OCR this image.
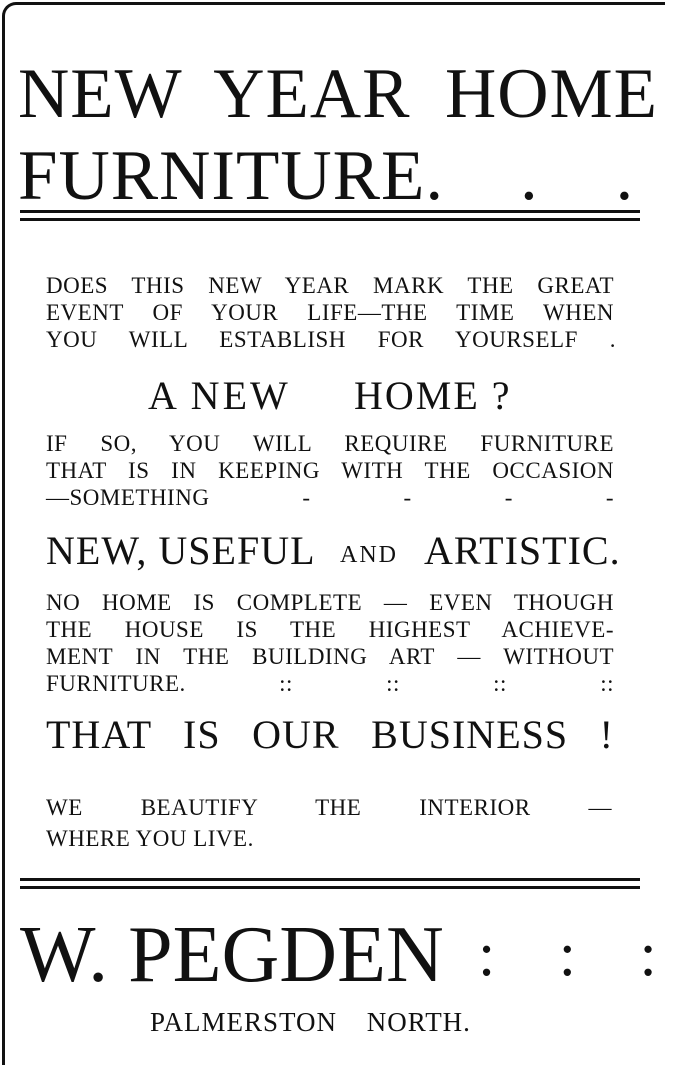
NEW YEAR HOME
FURNITURE. . .
DOES THIS NEW YEAR MARK THE GREAT
EVENT OF YOUR LIFE—THE TIME WHEN
YOU WILL ESTABLISH FOR YOURSELF .
A NEW HOME ?
IF SO, YOU WILL REQUIRE FURNITURE
THAT IS IN KEEPING WITH THE OCCASION
—SOMETHING - - - -
NEW, USEFUL AND ARTISTIC.
NO HOME IS COMPLETE — EVEN THOUGH
THE HOUSE IS THE HIGHEST ACHIEVE-
MENT IN THE BUILDING ART — WITHOUT
FURNITURE. :: :: :: ::
THAT IS OUR BUSINESS !
WE BEAUTIFY THE INTERIOR —
WHERE YOU LIVE.
W. PEGDEN : : :
PALMERSTON NORTH.
